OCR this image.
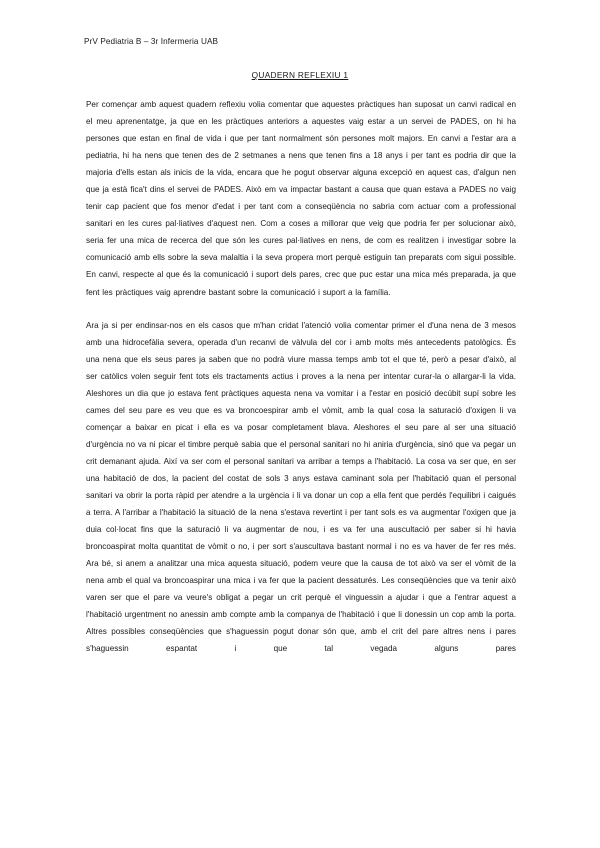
PrV Pediatria B – 3r Infermeria UAB
QUADERN REFLEXIU 1

Per començar amb aquest quadern reflexiu volia comentar que aquestes pràctiques han suposat un canvi radical en el meu aprenentatge, ja que en les pràctiques anteriors a aquestes vaig estar a un servei de PADES, on hi ha persones que estan en final de vida i que per tant normalment són persones molt majors. En canvi a l'estar ara a pediatria, hi ha nens que tenen des de 2 setmanes a nens que tenen fins a 18 anys i per tant es podria dir que la majoria d'ells estan als inicis de la vida, encara que he pogut observar alguna excepció en aquest cas, d'algun nen que ja està fica't dins el servei de PADES. Això em va impactar bastant a causa que quan estava a PADES no vaig tenir cap pacient que fos menor d'edat i per tant com a conseqüència no sabria com actuar com a professional sanitari en les cures pal·liatives d'aquest nen. Com a coses a millorar que veig que podria fer per solucionar això, seria fer una mica de recerca del que són les cures pal·liatives en nens, de com es realitzen i investigar sobre la comunicació amb ells sobre la seva malaltia i la seva propera mort perquè estiguin tan preparats com sigui possible. En canvi, respecte al que és la comunicació i suport dels pares, crec que puc estar una mica més preparada, ja que fent les pràctiques vaig aprendre bastant sobre la comunicació i suport a la família.

Ara ja si per endinsar-nos en els casos que m'han cridat l'atenció volia comentar primer el d'una nena de 3 mesos amb una hidrocefàlia severa, operada d'un recanvi de vàlvula del cor i amb molts més antecedents patològics. És una nena que els seus pares ja saben que no podrà viure massa temps amb tot el que té, però a pesar d'això, al ser catòlics volen seguir fent tots els tractaments actius i proves a la nena per intentar curar-la o allargar-li la vida. Aleshores un dia que jo estava fent pràctiques aquesta nena va vomitar i a l'estar en posició decúbit supí sobre les cames del seu pare es veu que es va broncoespirar amb el vòmit, amb la qual cosa la saturació d'oxigen li va començar a baixar en picat i ella es va posar completament blava. Aleshores el seu pare al ser una situació d'urgència no va ni picar el timbre perquè sabia que el personal sanitari no hi aniria d'urgència, sinó que va pegar un crit demanant ajuda. Així va ser com el personal sanitari va arribar a temps a l'habitació. La cosa va ser que, en ser una habitació de dos, la pacient del costat de sols 3 anys estava caminant sola per l'habitació quan el personal sanitari va obrir la porta ràpid per atendre a la urgència i li va donar un cop a ella fent que perdés l'equilibri i caigués a terra. A l'arribar a l'habitació la situació de la nena s'estava revertint i per tant sols es va augmentar l'oxigen que ja duia col·locat fins que la saturació li va augmentar de nou, i es va fer una auscultació per saber si hi havia broncoaspirat molta quantitat de vòmit o no, i per sort s'auscultava bastant normal i no es va haver de fer res més. Ara bé, si anem a analitzar una mica aquesta situació, podem veure que la causa de tot això va ser el vòmit de la nena amb el qual va broncoaspirar una mica i va fer que la pacient dessaturés. Les conseqüències que va tenir això varen ser que el pare va veure's obligat a pegar un crit perquè el vinguessin a ajudar i que a l'entrar aquest a l'habitació urgentment no anessin amb compte amb la companya de l'habitació i que li donessin un cop amb la porta. Altres possibles conseqüències que s'haguessin pogut donar són que, amb el crit del pare altres nens i pares s'haguessin espantat i que tal vegada alguns pares
